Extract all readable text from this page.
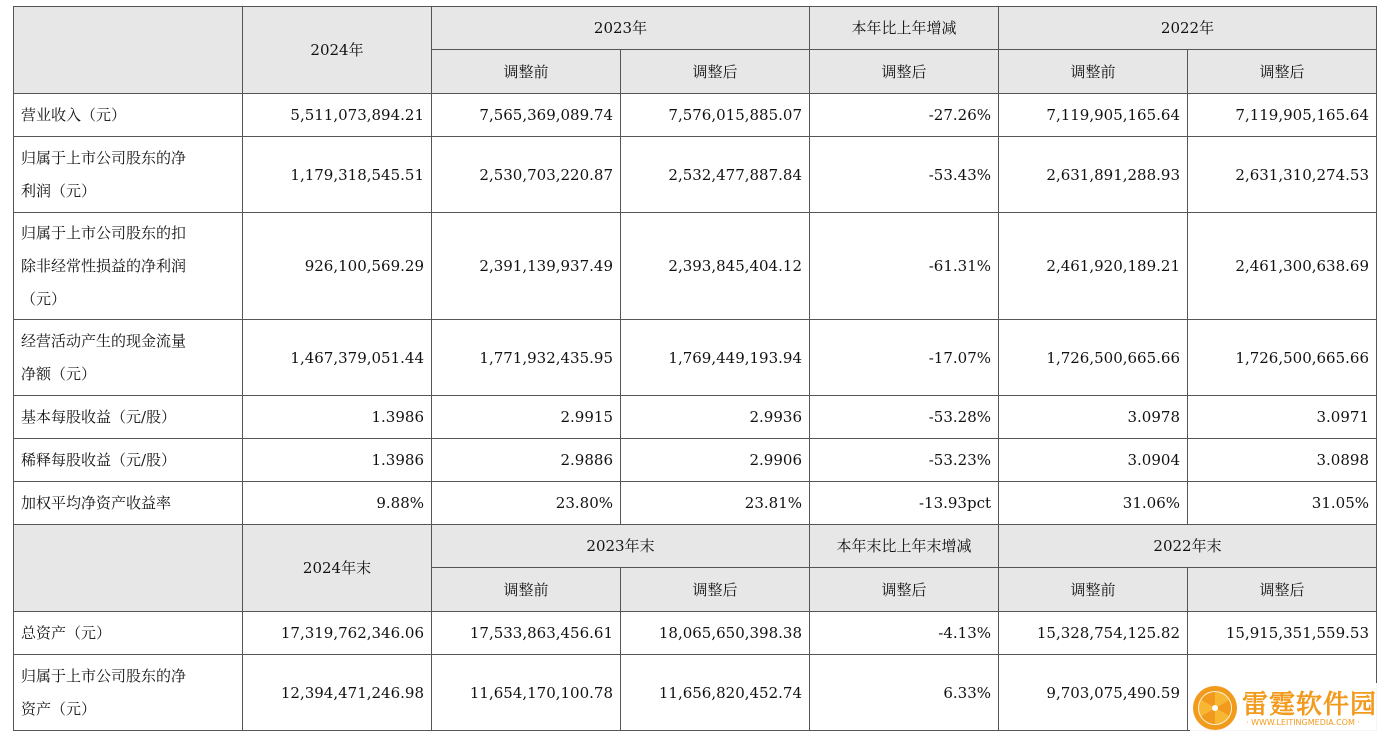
	2024年	2023年		本年比上年增减	2022年	
		调整前	调整后	调整后	调整前	调整后
营业收入（元）	5,511,073,894.21	7,565,369,089.74	7,576,015,885.07	-27.26%	7,119,905,165.64	7,119,905,165.64
归属于上市公司股东的净
利润（元）	1,179,318,545.51	2,530,703,220.87	2,532,477,887.84	-53.43%	2,631,891,288.93	2,631,310,274.53
归属于上市公司股东的扣
除非经常性损益的净利润
（元）	926,100,569.29	2,391,139,937.49	2,393,845,404.12	-61.31%	2,461,920,189.21	2,461,300,638.69
经营活动产生的现金流量
净额（元）	1,467,379,051.44	1,771,932,435.95	1,769,449,193.94	-17.07%	1,726,500,665.66	1,726,500,665.66
基本每股收益（元/股）	1.3986	2.9915	2.9936	-53.28%	3.0978	3.0971
稀释每股收益（元/股）	1.3986	2.9886	2.9906	-53.23%	3.0904	3.0898
加权平均净资产收益率	9.88%	23.80%	23.81%	-13.93pct	31.06%	31.05%
	2024年末	2023年末		本年末比上年末增减	2022年末	
		调整前	调整后	调整后	调整前	调整后
总资产（元）	17,319,762,346.06	17,533,863,456.61	18,065,650,398.38	-4.13%	15,328,754,125.82	15,915,351,559.53
归属于上市公司股东的净
资产（元）	12,394,471,246.98	11,654,170,100.78	11,656,820,452.74	6.33%	9,703,075,490.59	雷霆软件园
· WWW.LEITINGMEDIA.COM ·
